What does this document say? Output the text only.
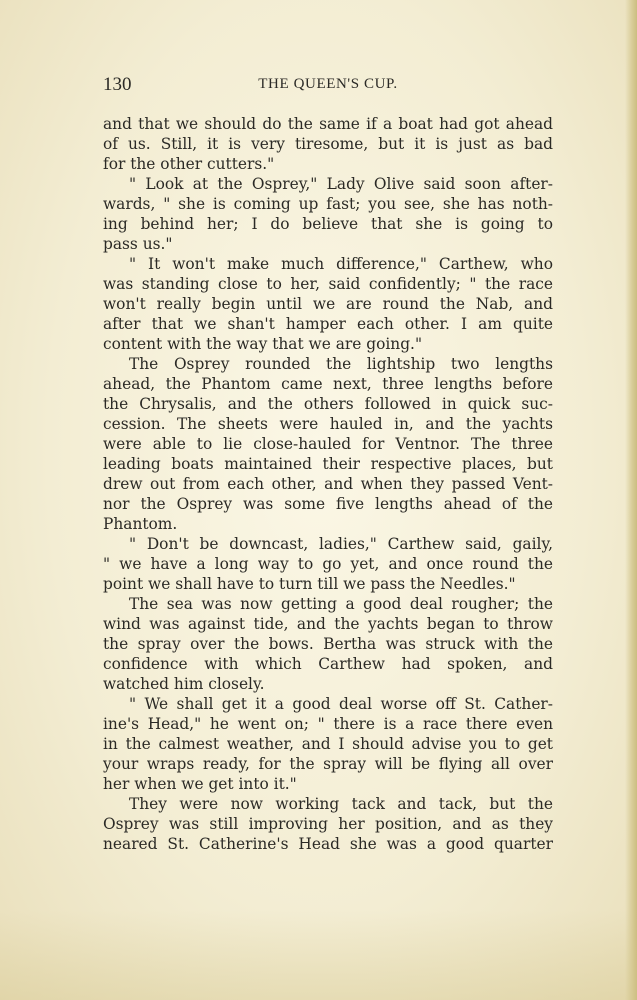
130	THE QUEEN'S CUP.
and that we should do the same if a boat had got ahead
of us. Still, it is very tiresome, but it is just as bad
for the other cutters."
" Look at the Osprey," Lady Olive said soon after-
wards, " she is coming up fast; you see, she has noth-
ing behind her; I do believe that she is going to
pass us."
" It won't make much difference," Carthew, who
was standing close to her, said confidently; " the race
won't really begin until we are round the Nab, and
after that we shan't hamper each other. I am quite
content with the way that we are going."
The Osprey rounded the lightship two lengths
ahead, the Phantom came next, three lengths before
the Chrysalis, and the others followed in quick suc-
cession. The sheets were hauled in, and the yachts
were able to lie close-hauled for Ventnor. The three
leading boats maintained their respective places, but
drew out from each other, and when they passed Vent-
nor the Osprey was some five lengths ahead of the
Phantom.
" Don't be downcast, ladies," Carthew said, gaily,
" we have a long way to go yet, and once round the
point we shall have to turn till we pass the Needles."
The sea was now getting a good deal rougher; the
wind was against tide, and the yachts began to throw
the spray over the bows. Bertha was struck with the
confidence with which Carthew had spoken, and
watched him closely.
" We shall get it a good deal worse off St. Cather-
ine's Head," he went on; " there is a race there even
in the calmest weather, and I should advise you to get
your wraps ready, for the spray will be flying all over
her when we get into it."
They were now working tack and tack, but the
Osprey was still improving her position, and as they
neared St. Catherine's Head she was a good quarter
